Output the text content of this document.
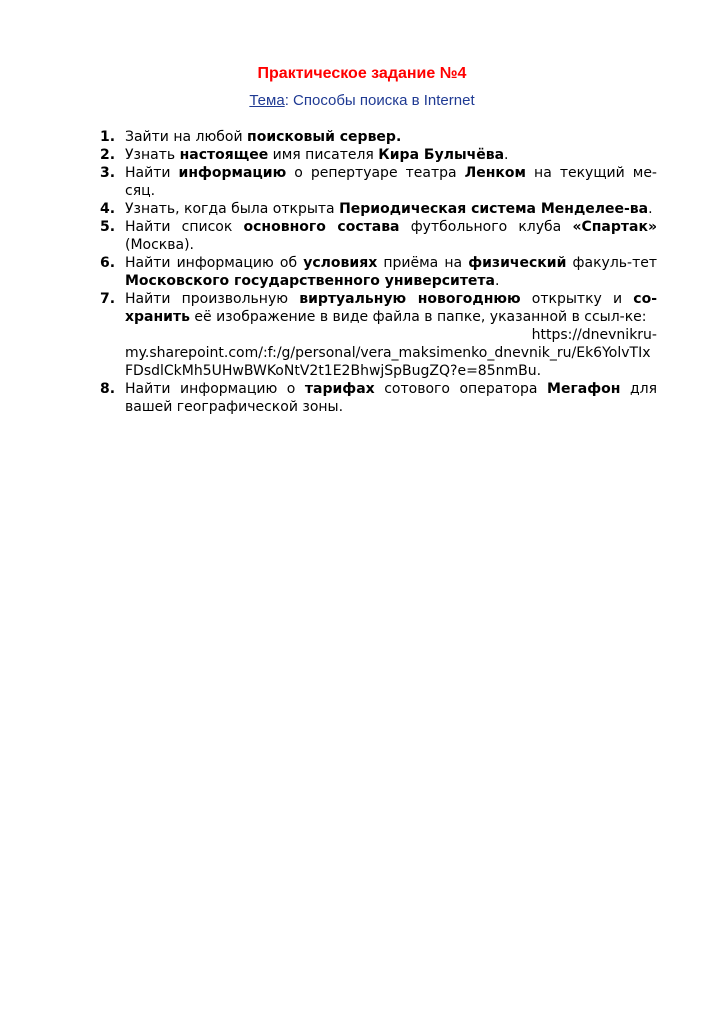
Практическое задание №4
Тема: Способы поиска в Internet
1. Зайти на любой поисковый сервер.
2. Узнать настоящее имя писателя Кира Булычёва.
3. Найти информацию о репертуаре театра Ленком на текущий ме-сяц.
4. Узнать, когда была открыта Периодическая система Менделее-ва.
5. Найти список основного состава футбольного клуба «Спартак» (Москва).
6. Найти информацию об условиях приёма на физический факуль-тет Московского государственного университета.
7. Найти произвольную виртуальную новогоднюю открытку и со-хранить её изображение в виде файла в папке, указанной в ссыл-ке:
https://dnevnikru-
my.sharepoint.com/:f:/g/personal/vera_maksimenko_dnevnik_ru/Ek6YolvTIxFDsdlCkMh5UHwBWKoNtV2t1E2BhwjSpBugZQ?e=85nmBu.
8. Найти информацию о тарифах сотового оператора Мегафон для вашей географической зоны.
